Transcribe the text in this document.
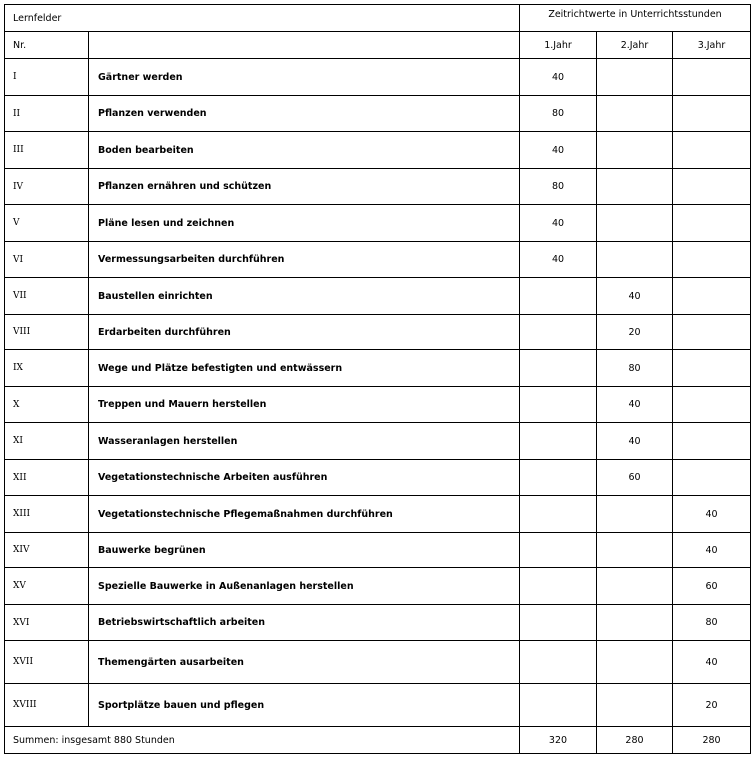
Lernfelder		Zeitrichtwerte in Unterrichtsstunden		
Nr.		1.Jahr	2.Jahr	3.Jahr
I	Gärtner werden	40		
II	Pflanzen verwenden	80		
III	Boden bearbeiten	40		
IV	Pflanzen ernähren und schützen	80		
V	Pläne lesen und zeichnen	40		
VI	Vermessungsarbeiten durchführen	40		
VII	Baustellen einrichten		40	
VIII	Erdarbeiten durchführen		20	
IX	Wege und Plätze befestigten und entwässern		80	
X	Treppen und Mauern herstellen		40	
XI	Wasseranlagen herstellen		40	
XII	Vegetationstechnische Arbeiten ausführen		60	
XIII	Vegetationstechnische Pflegemaßnahmen durchführen			40
XIV	Bauwerke begrünen			40
XV	Spezielle Bauwerke in Außenanlagen herstellen			60
XVI	Betriebswirtschaftlich arbeiten			80
XVII	Themengärten ausarbeiten			40
XVIII	Sportplätze bauen und pflegen			20
Summen: insgesamt 880 Stunden		320	280	280
